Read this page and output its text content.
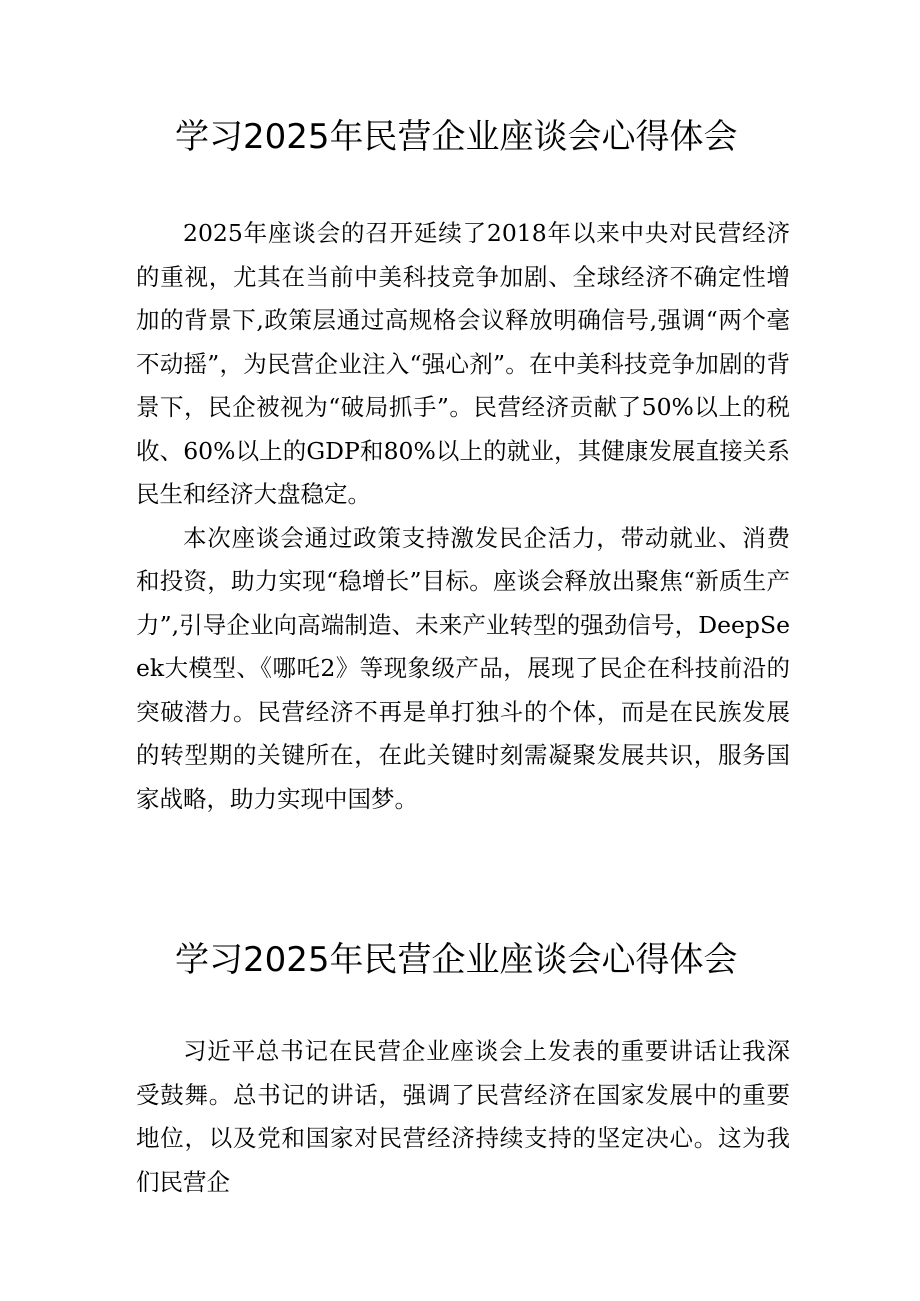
学习2025年民营企业座谈会心得体会

2025年座谈会的召开延续了2018年以来中央对民营经济的重视，尤其在当前中美科技竞争加剧、全球经济不确定性增加的背景下,政策层通过高规格会议释放明确信号,强调“两个毫不动摇”，为民营企业注入“强心剂”。在中美科技竞争加剧的背景下，民企被视为“破局抓手”。民营经济贡献了50%以上的税收、60%以上的GDP和80%以上的就业，其健康发展直接关系民生和经济大盘稳定。

本次座谈会通过政策支持激发民企活力，带动就业、消费和投资，助力实现“稳增长”目标。座谈会释放出聚焦“新质生产力”,引导企业向高端制造、未来产业转型的强劲信号，DeepSeek大模型、《哪吒2》等现象级产品，展现了民企在科技前沿的突破潜力。民营经济不再是单打独斗的个体，而是在民族发展的转型期的关键所在，在此关键时刻需凝聚发展共识，服务国家战略，助力实现中国梦。

学习2025年民营企业座谈会心得体会

习近平总书记在民营企业座谈会上发表的重要讲话让我深受鼓舞。总书记的讲话，强调了民营经济在国家发展中的重要地位，以及党和国家对民营经济持续支持的坚定决心。这为我们民营企
